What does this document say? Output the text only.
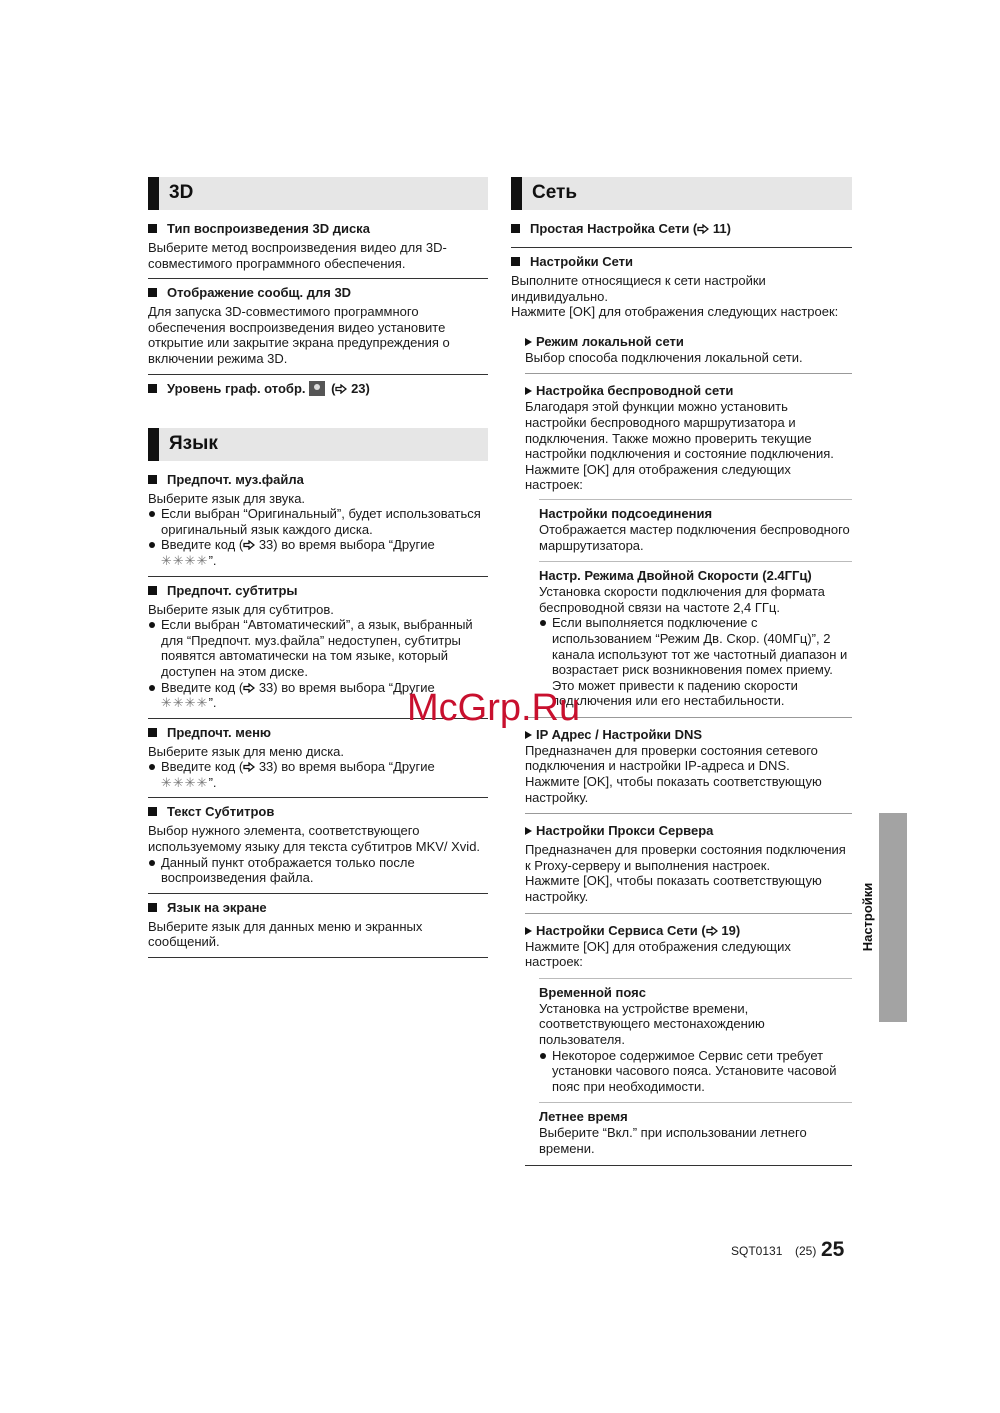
3D
Тип воспроизведения 3D диска

Выберите метод воспроизведения видео для 3D-совместимого программного обеспечения.

Отображение сообщ. для 3D

Для запуска 3D-совместимого программного обеспечения воспроизведения видео установите открытие или закрытие экрана предупреждения о включении режима 3D.

Уровень граф. отобр. ( 23)
Язык
Предпочт. муз.файла

Выберите язык для звука.

Если выбран “Оригинальный”, будет использоваться оригинальный язык каждого диска.

Введите код ( 33) во время выбора “Другие
✳✳✳✳”.

Предпочт. субтитры

Выберите язык для субтитров.

Если выбран “Автоматический”, а язык, выбранный для “Предпочт. муз.файла” недоступен, субтитры появятся автоматически на том языке, который доступен на этом диске.

Введите код ( 33) во время выбора “Другие
✳✳✳✳”.

Предпочт. меню

Выберите язык для меню диска.

Введите код ( 33) во время выбора “Другие
✳✳✳✳”.

Текст Субтитров

Выбор нужного элемента, соответствующего используемому языку для текста субтитров MKV/ Xvid.

Данный пункт отображается только после воспроизведения файла.

Язык на экране

Выберите язык для данных меню и экранных сообщений.

Сеть
Простая Настройка Сети ( 11)
Настройки Сети

Выполните относящиеся к сети настройки индивидуально.

Нажмите [OK] для отображения следующих настроек:

Режим локальной сети

Выбор способа подключения локальной сети.

Настройка беспроводной сети

Благодаря этой функции можно установить настройки беспроводного маршрутизатора и подключения. Также можно проверить текущие настройки подключения и состояние подключения.

Нажмите [OK] для отображения следующих настроек:

Настройки подсоединения

Отображается мастер подключения беспроводного маршрутизатора.

Настр. Режима Двойной Скорости (2.4ГГц)

Установка скорости подключения для формата беспроводной связи на частоте 2,4 ГГц.

Если выполняется подключение с использованием “Режим Дв. Скор. (40МГц)”, 2 канала используют тот же частотный диапазон и возрастает риск возникновения помех приему. Это может привести к падению скорости подключения или его нестабильности.

IP Адрес / Настройки DNS

Предназначен для проверки состояния сетевого подключения и настройки IP-адреса и DNS.

Нажмите [OK], чтобы показать соответствующую настройку.

Настройки Прокси Сервера

Предназначен для проверки состояния подключения к Proxy-серверу и выполнения настроек.

Нажмите [OK], чтобы показать соответствующую настройку.

Настройки Сервиса Сети ( 19)

Нажмите [OK] для отображения следующих настроек:

Временной пояс

Установка на устройстве времени, соответствующего местонахождению пользователя.

Некоторое содержимое Сервис сети требует установки часового пояса. Установите часовой пояс при необходимости.

Летнее время

Выберите “Вкл.” при использовании летнего времени.

Настройки
McGrp.Ru
SQT0131 (25) 25
